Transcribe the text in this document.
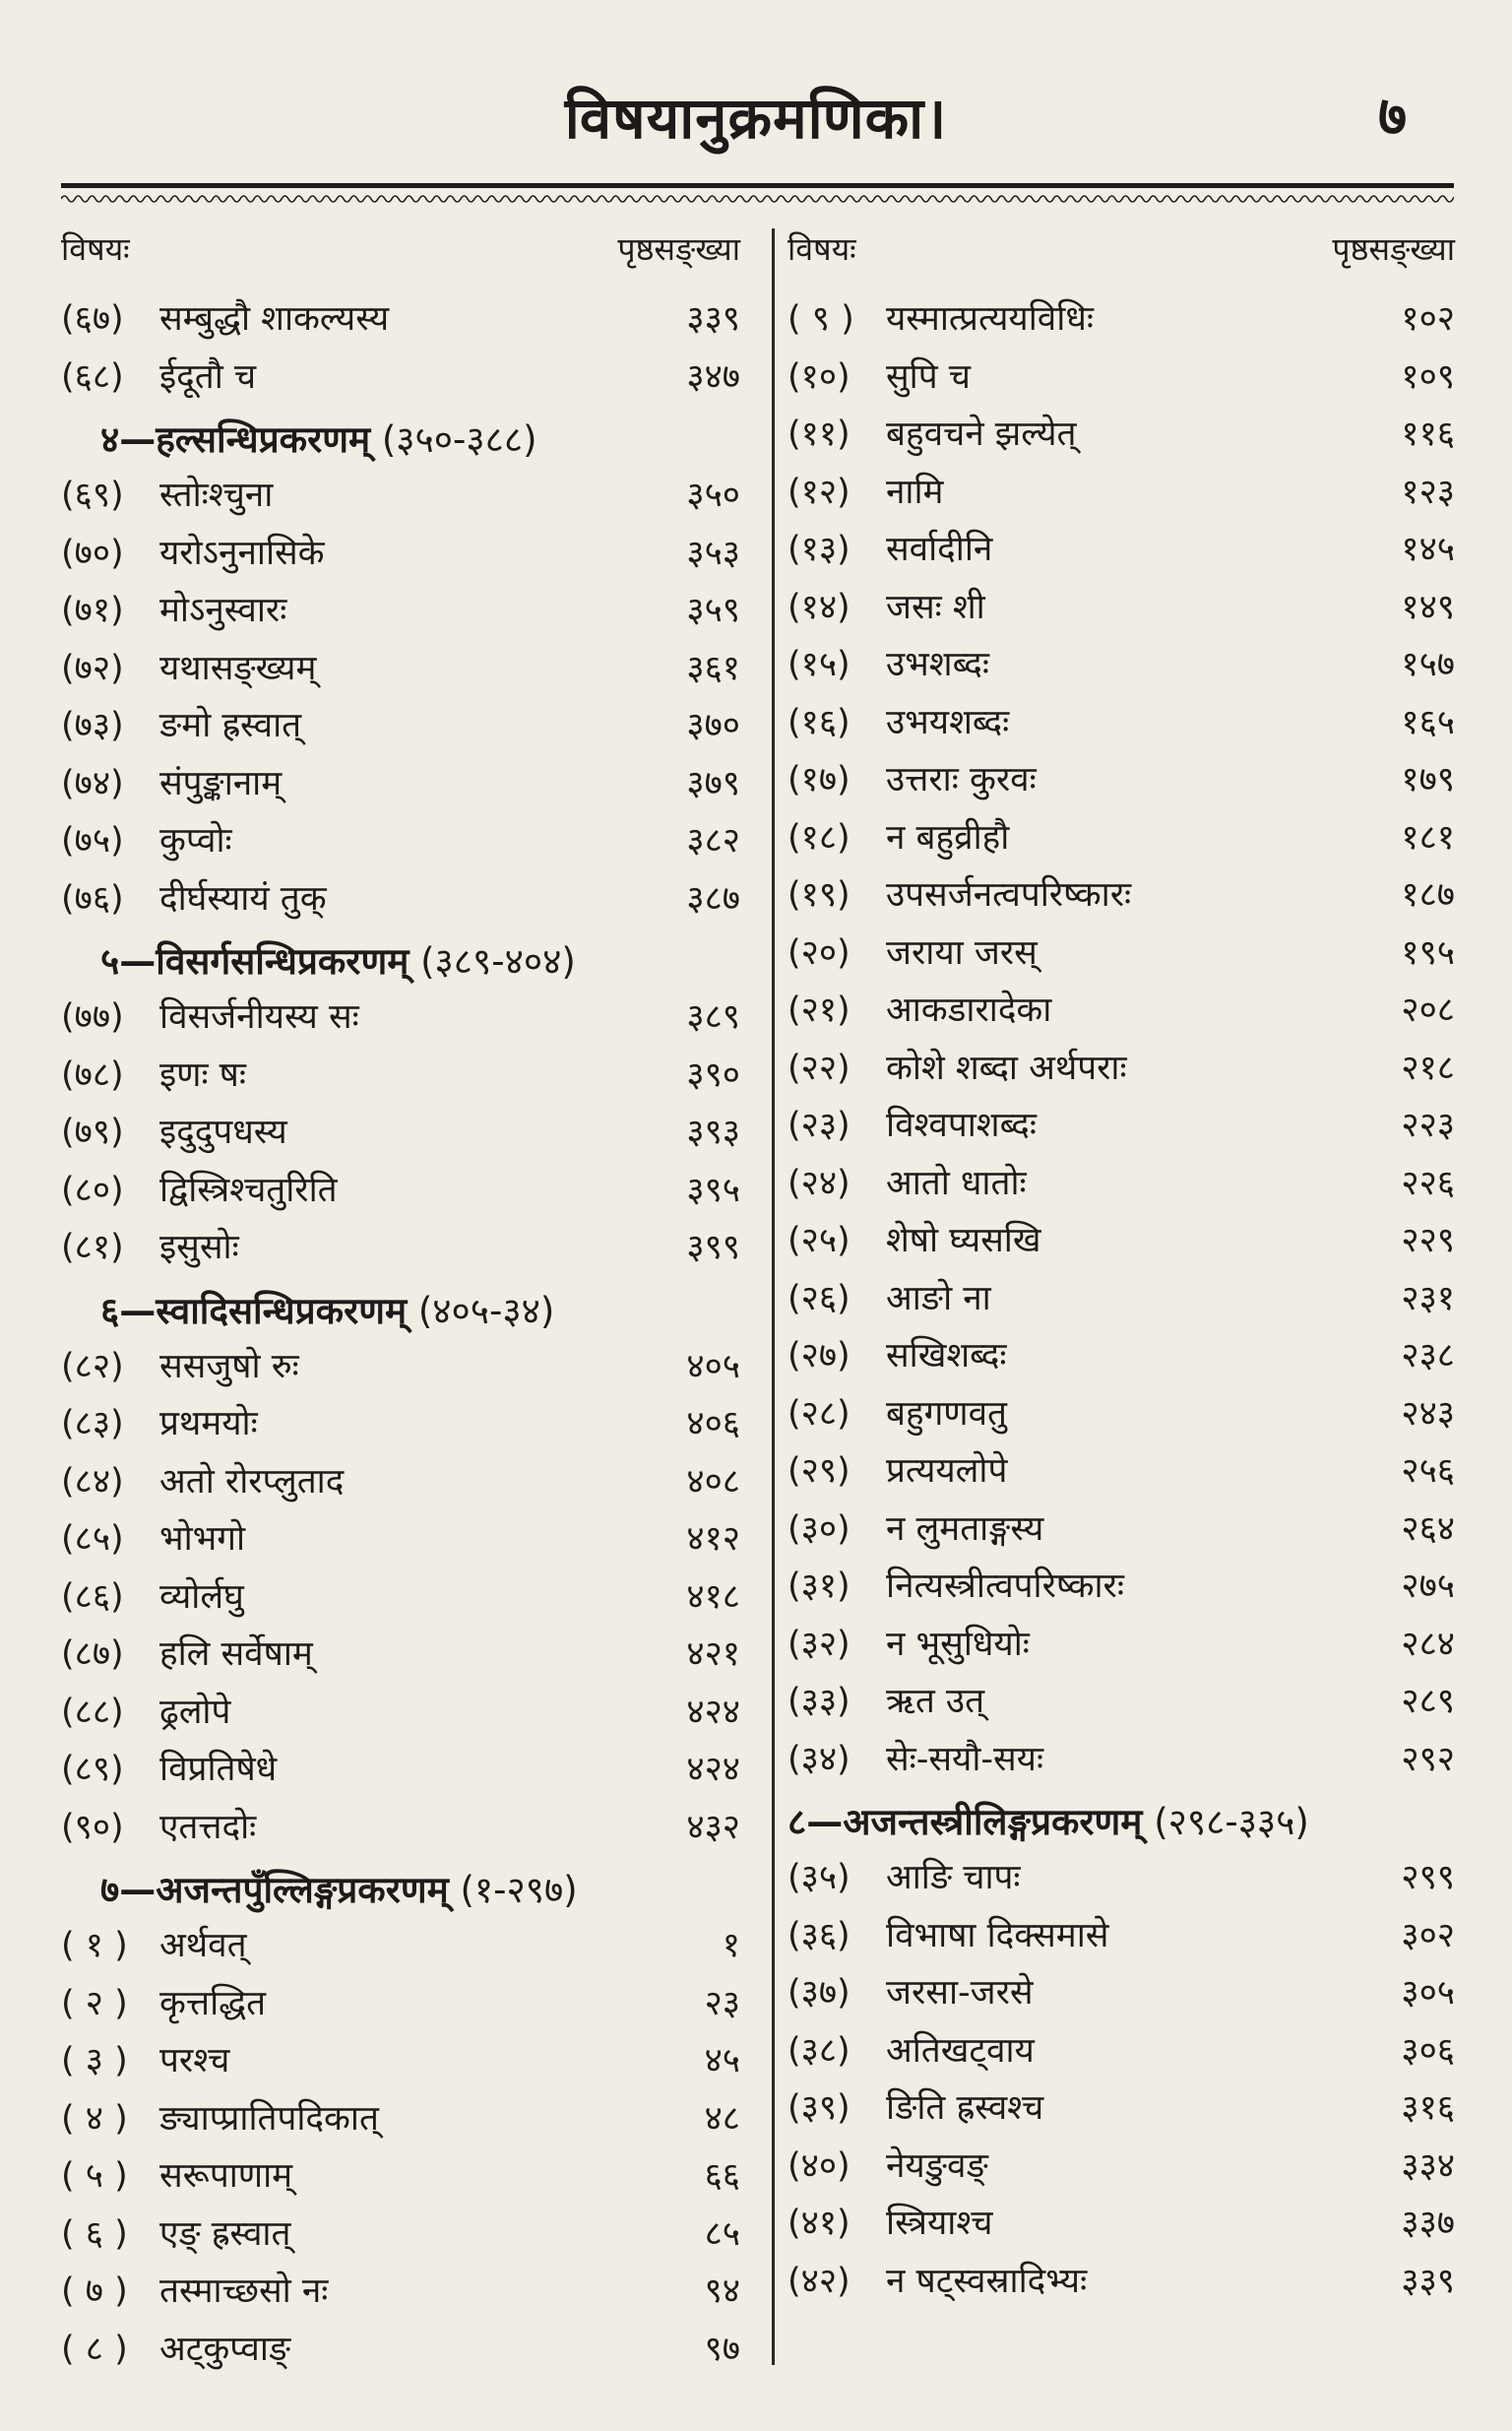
विषयानुक्रमणिका।	७
विषयः	पृष्ठसङ्ख्या
(६७) सम्बुद्धौ शाकल्यस्य	३३९
(६८) ईदूतौ च	३४७
४—हल्सन्धिप्रकरणम् (३५०-३८८)
(६९) स्तोःश्चुना	३५०
(७०) यरोऽनुनासिके	३५३
(७१) मोऽनुस्वारः	३५९
(७२) यथासङ्ख्यम्	३६१
(७३) ङमो ह्रस्वात्	३७०
(७४) संपुङ्कानाम्	३७९
(७५) कुप्वोः	३८२
(७६) दीर्घस्यायं तुक्	३८७
५—विसर्गसन्धिप्रकरणम् (३८९-४०४)
(७७) विसर्जनीयस्य सः	३८९
(७८) इणः षः	३९०
(७९) इदुदुपधस्य	३९३
(८०) द्विस्त्रिश्चतुरिति	३९५
(८१) इसुसोः	३९९
६—स्वादिसन्धिप्रकरणम् (४०५-३४)
(८२) ससजुषो रुः	४०५
(८३) प्रथमयोः	४०६
(८४) अतो रोरप्लुताद	४०८
(८५) भोभगो	४१२
(८६) व्योर्लघु	४१८
(८७) हलि सर्वेषाम्	४२१
(८८) ढ्रलोपे	४२४
(८९) विप्रतिषेधे	४२४
(९०) एतत्तदोः	४३२
७—अजन्तपुँल्लिङ्गप्रकरणम् (१-२९७)
( १ ) अर्थवत्	१
( २ ) कृत्तद्धित	२३
( ३ ) परश्च	४५
( ४ ) ङ्याप्प्रातिपदिकात्	४८
( ५ ) सरूपाणाम्	६६
( ६ ) एङ् ह्रस्वात्	८५
( ७ ) तस्माच्छसो नः	९४
( ८ ) अट्कुप्वाङ्	९७
विषयः	पृष्ठसङ्ख्या
( ९ ) यस्मात्प्रत्ययविधिः	१०२
(१०) सुपि च	१०९
(११) बहुवचने झल्येत्	११६
(१२) नामि	१२३
(१३) सर्वादीनि	१४५
(१४) जसः शी	१४९
(१५) उभशब्दः	१५७
(१६) उभयशब्दः	१६५
(१७) उत्तराः कुरवः	१७९
(१८) न बहुव्रीहौ	१८१
(१९) उपसर्जनत्वपरिष्कारः	१८७
(२०) जराया जरस्	१९५
(२१) आकडारादेका	२०८
(२२) कोशे शब्दा अर्थपराः	२१८
(२३) विश्वपाशब्दः	२२३
(२४) आतो धातोः	२२६
(२५) शेषो घ्यसखि	२२९
(२६) आङो ना	२३१
(२७) सखिशब्दः	२३८
(२८) बहुगणवतु	२४३
(२९) प्रत्ययलोपे	२५६
(३०) न लुमताङ्गस्य	२६४
(३१) नित्यस्त्रीत्वपरिष्कारः	२७५
(३२) न भूसुधियोः	२८४
(३३) ऋत उत्	२८९
(३४) सेः-सयौ-सयः	२९२
८—अजन्तस्त्रीलिङ्गप्रकरणम् (२९८-३३५)
(३५) आङि चापः	२९९
(३६) विभाषा दिक्समासे	३०२
(३७) जरसा-जरसे	३०५
(३८) अतिखट्वाय	३०६
(३९) ङिति ह्रस्वश्च	३१६
(४०) नेयङुवङ्	३३४
(४१) स्त्रियाश्च	३३७
(४२) न षट्स्वस्रादिभ्यः	३३९
